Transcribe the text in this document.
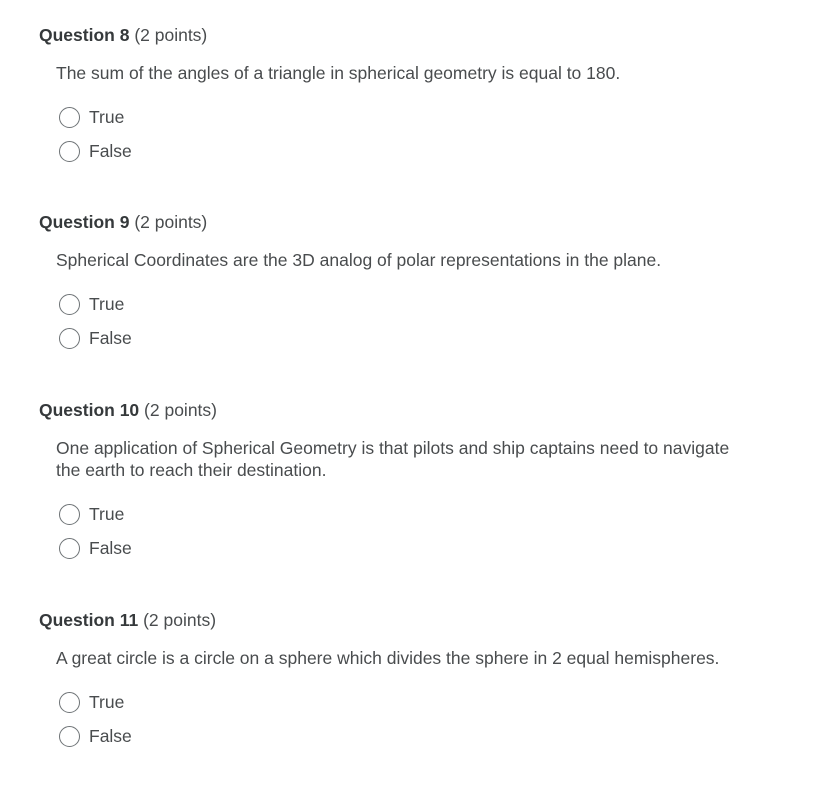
Question 8 (2 points)

The sum of the angles of a triangle in spherical geometry is equal to 180.
True
False

Question 9 (2 points)

Spherical Coordinates are the 3D analog of polar representations in the plane.
True
False

Question 10 (2 points)

One application of Spherical Geometry is that pilots and ship captains need to navigate the earth to reach their destination.
True
False

Question 11 (2 points)

A great circle is a circle on a sphere which divides the sphere in 2 equal hemispheres.
True
False
